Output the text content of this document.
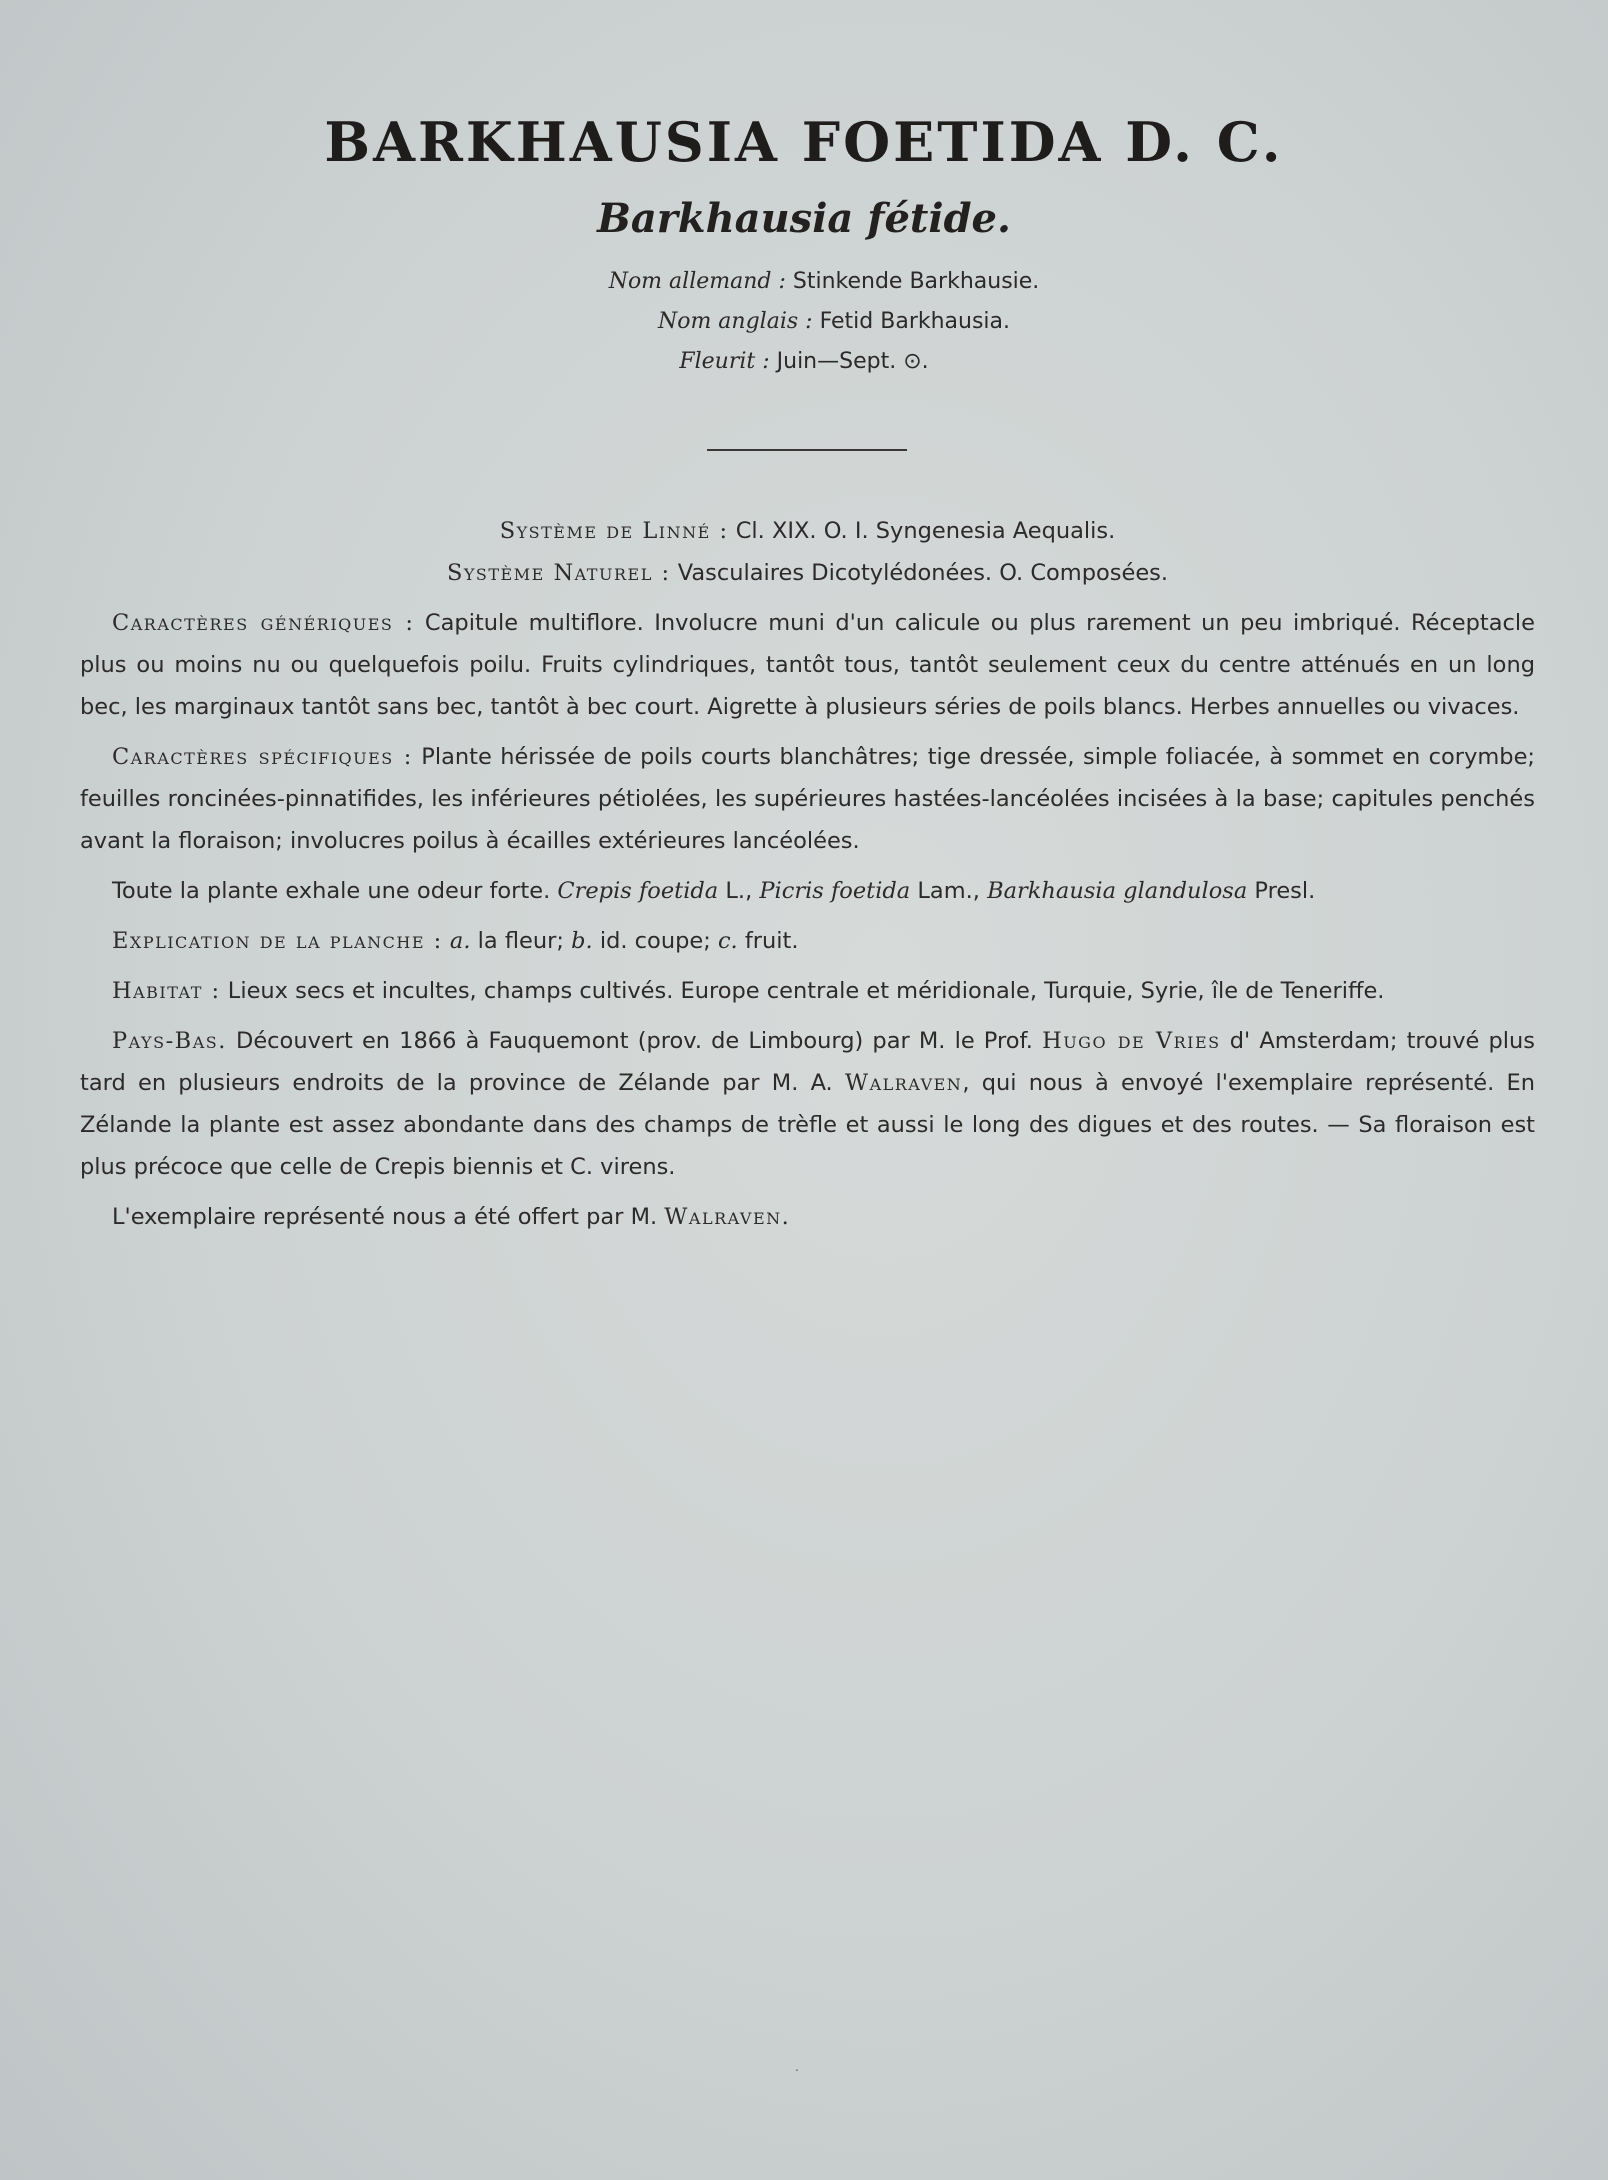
BARKHAUSIA FOETIDA D. C.
Barkhausia fétide.
Nom allemand : Stinkende Barkhausie.
Nom anglais : Fetid Barkhausia.
Fleurit : Juin—Sept. ⊙.

Système de Linné : Cl. XIX. O. I. Syngenesia Aequalis.

Système Naturel : Vasculaires Dicotylédonées. O. Composées.

Caractères génériques : Capitule multiflore. Involucre muni d'un calicule ou plus rarement un peu imbriqué. Réceptacle plus ou moins nu ou quelquefois poilu. Fruits cylindriques, tantôt tous, tantôt seulement ceux du centre atténués en un long bec, les marginaux tantôt sans bec, tantôt à bec court. Aigrette à plusieurs séries de poils blancs. Herbes annuelles ou vivaces.

Caractères spécifiques : Plante hérissée de poils courts blanchâtres; tige dressée, simple foliacée, à sommet en corymbe; feuilles roncinées-pinnatifides, les inférieures pétiolées, les supérieures hastées-lancéolées incisées à la base; capitules penchés avant la floraison; involucres poilus à écailles extérieures lancéolées.

Toute la plante exhale une odeur forte. Crepis foetida L., Picris foetida Lam., Barkhausia glandulosa Presl.

Explication de la planche : a. la fleur; b. id. coupe; c. fruit.

Habitat : Lieux secs et incultes, champs cultivés. Europe centrale et méridionale, Turquie, Syrie, île de Teneriffe.

Pays-Bas. Découvert en 1866 à Fauquemont (prov. de Limbourg) par M. le Prof. Hugo de Vries d' Amsterdam; trouvé plus tard en plusieurs endroits de la province de Zélande par M. A. Walraven, qui nous à envoyé l'exemplaire représenté. En Zélande la plante est assez abondante dans des champs de trèfle et aussi le long des digues et des routes. — Sa floraison est plus précoce que celle de Crepis biennis et C. virens.

L'exemplaire représenté nous a été offert par M. Walraven.

.
